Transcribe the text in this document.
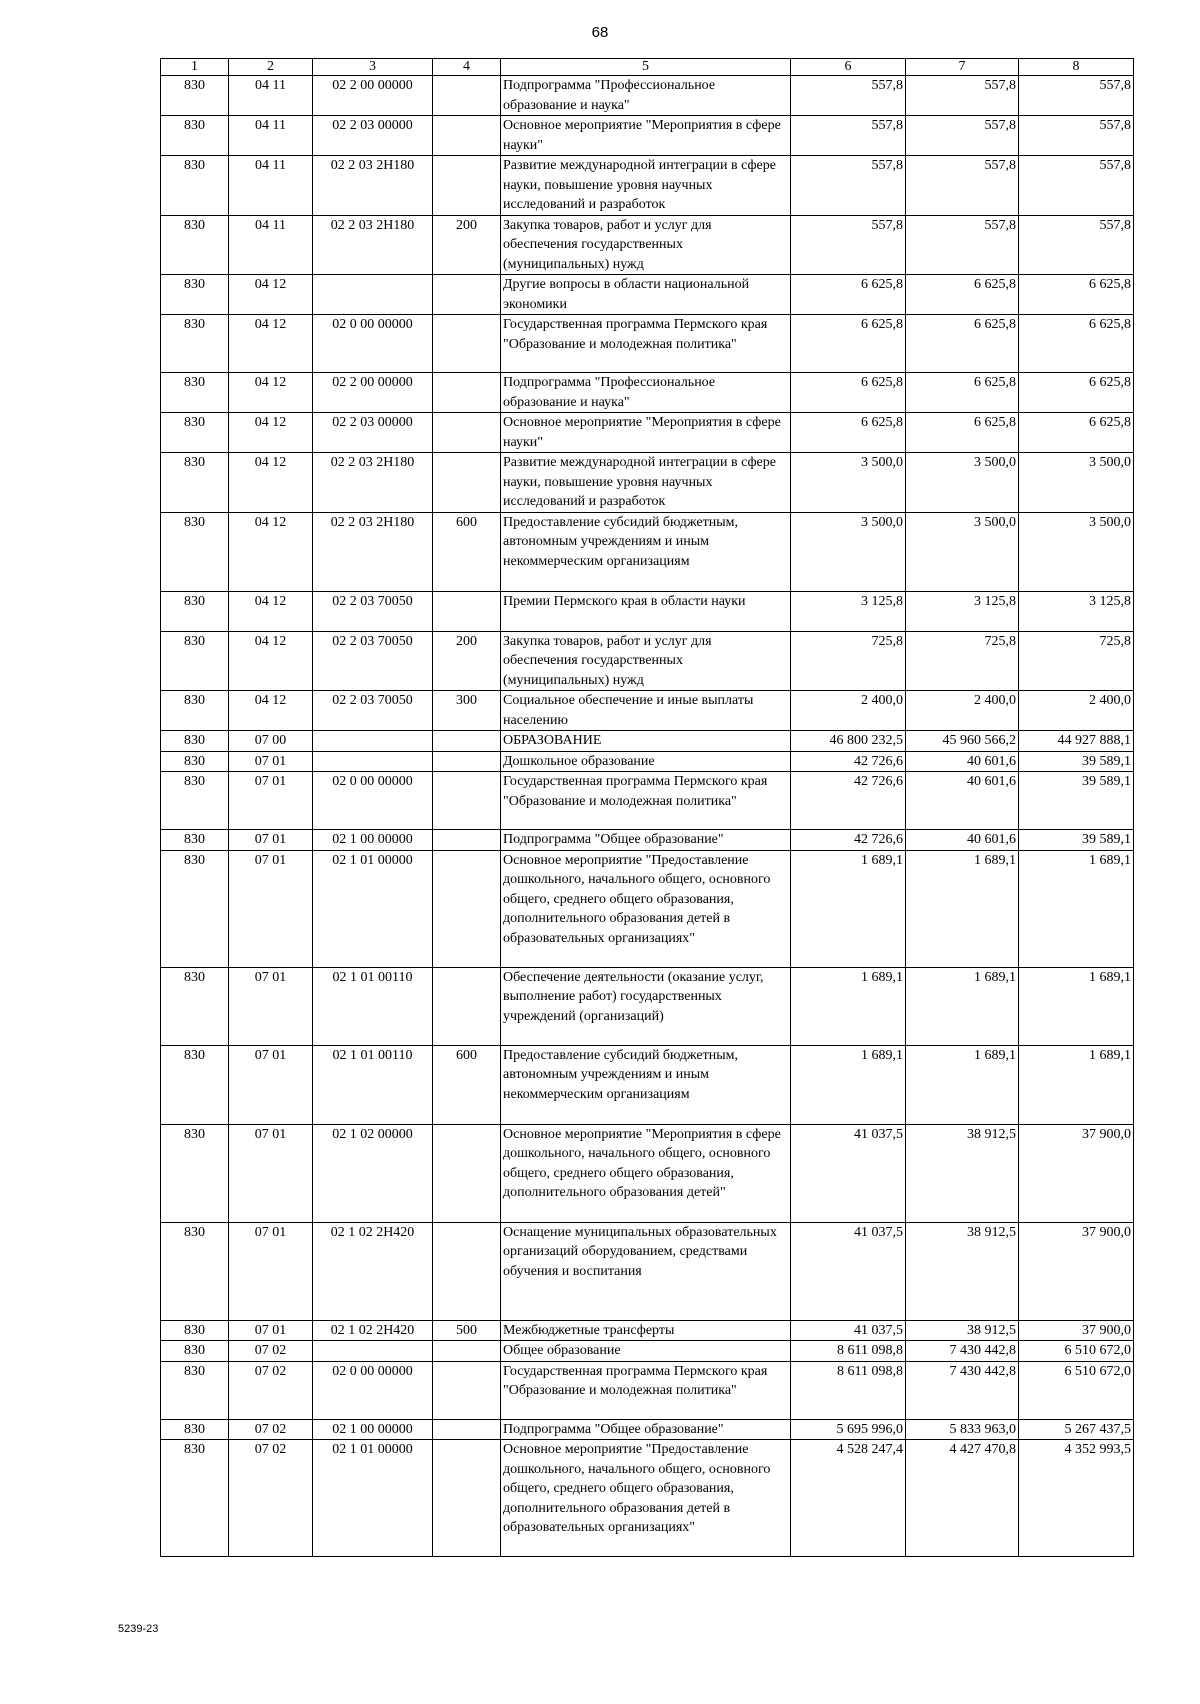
68
1	2	3	4	5	6	7	8
830	04 11	02 2 00 00000		Подпрограмма "Профессиональное образование и наука"	557,8	557,8	557,8
830	04 11	02 2 03 00000		Основное мероприятие "Мероприятия в сфере науки"	557,8	557,8	557,8
830	04 11	02 2 03 2Н180		Развитие международной интеграции в сфере науки, повышение уровня научных исследований и разработок	557,8	557,8	557,8
830	04 11	02 2 03 2Н180	200	Закупка товаров, работ и услуг для обеспечения государственных (муниципальных) нужд	557,8	557,8	557,8
830	04 12			Другие вопросы в области национальной экономики	6 625,8	6 625,8	6 625,8
830	04 12	02 0 00 00000		Государственная программа Пермского края "Образование и молодежная политика"	6 625,8	6 625,8	6 625,8
830	04 12	02 2 00 00000		Подпрограмма "Профессиональное образование и наука"	6 625,8	6 625,8	6 625,8
830	04 12	02 2 03 00000		Основное мероприятие "Мероприятия в сфере науки"	6 625,8	6 625,8	6 625,8
830	04 12	02 2 03 2Н180		Развитие международной интеграции в сфере науки, повышение уровня научных исследований и разработок	3 500,0	3 500,0	3 500,0
830	04 12	02 2 03 2Н180	600	Предоставление субсидий бюджетным, автономным учреждениям и иным некоммерческим организациям	3 500,0	3 500,0	3 500,0
830	04 12	02 2 03 70050		Премии Пермского края в области науки	3 125,8	3 125,8	3 125,8
830	04 12	02 2 03 70050	200	Закупка товаров, работ и услуг для обеспечения государственных (муниципальных) нужд	725,8	725,8	725,8
830	04 12	02 2 03 70050	300	Социальное обеспечение и иные выплаты населению	2 400,0	2 400,0	2 400,0
830	07 00			ОБРАЗОВАНИЕ	46 800 232,5	45 960 566,2	44 927 888,1
830	07 01			Дошкольное образование	42 726,6	40 601,6	39 589,1
830	07 01	02 0 00 00000		Государственная программа Пермского края "Образование и молодежная политика"	42 726,6	40 601,6	39 589,1
830	07 01	02 1 00 00000		Подпрограмма "Общее образование"	42 726,6	40 601,6	39 589,1
830	07 01	02 1 01 00000		Основное мероприятие "Предоставление дошкольного, начального общего, основного общего, среднего общего образования, дополнительного образования детей в образовательных организациях"	1 689,1	1 689,1	1 689,1
830	07 01	02 1 01 00110		Обеспечение деятельности (оказание услуг, выполнение работ) государственных учреждений (организаций)	1 689,1	1 689,1	1 689,1
830	07 01	02 1 01 00110	600	Предоставление субсидий бюджетным, автономным учреждениям и иным некоммерческим организациям	1 689,1	1 689,1	1 689,1
830	07 01	02 1 02 00000		Основное мероприятие "Мероприятия в сфере дошкольного, начального общего, основного общего, среднего общего образования, дополнительного образования детей"	41 037,5	38 912,5	37 900,0
830	07 01	02 1 02 2Н420		Оснащение муниципальных образовательных организаций оборудованием, средствами обучения и воспитания	41 037,5	38 912,5	37 900,0
830	07 01	02 1 02 2Н420	500	Межбюджетные трансферты	41 037,5	38 912,5	37 900,0
830	07 02			Общее образование	8 611 098,8	7 430 442,8	6 510 672,0
830	07 02	02 0 00 00000		Государственная программа Пермского края "Образование и молодежная политика"	8 611 098,8	7 430 442,8	6 510 672,0
830	07 02	02 1 00 00000		Подпрограмма "Общее образование"	5 695 996,0	5 833 963,0	5 267 437,5
830	07 02	02 1 01 00000		Основное мероприятие "Предоставление дошкольного, начального общего, основного общего, среднего общего образования, дополнительного образования детей в образовательных организациях"	4 528 247,4	4 427 470,8	4 352 993,5
5239-23
